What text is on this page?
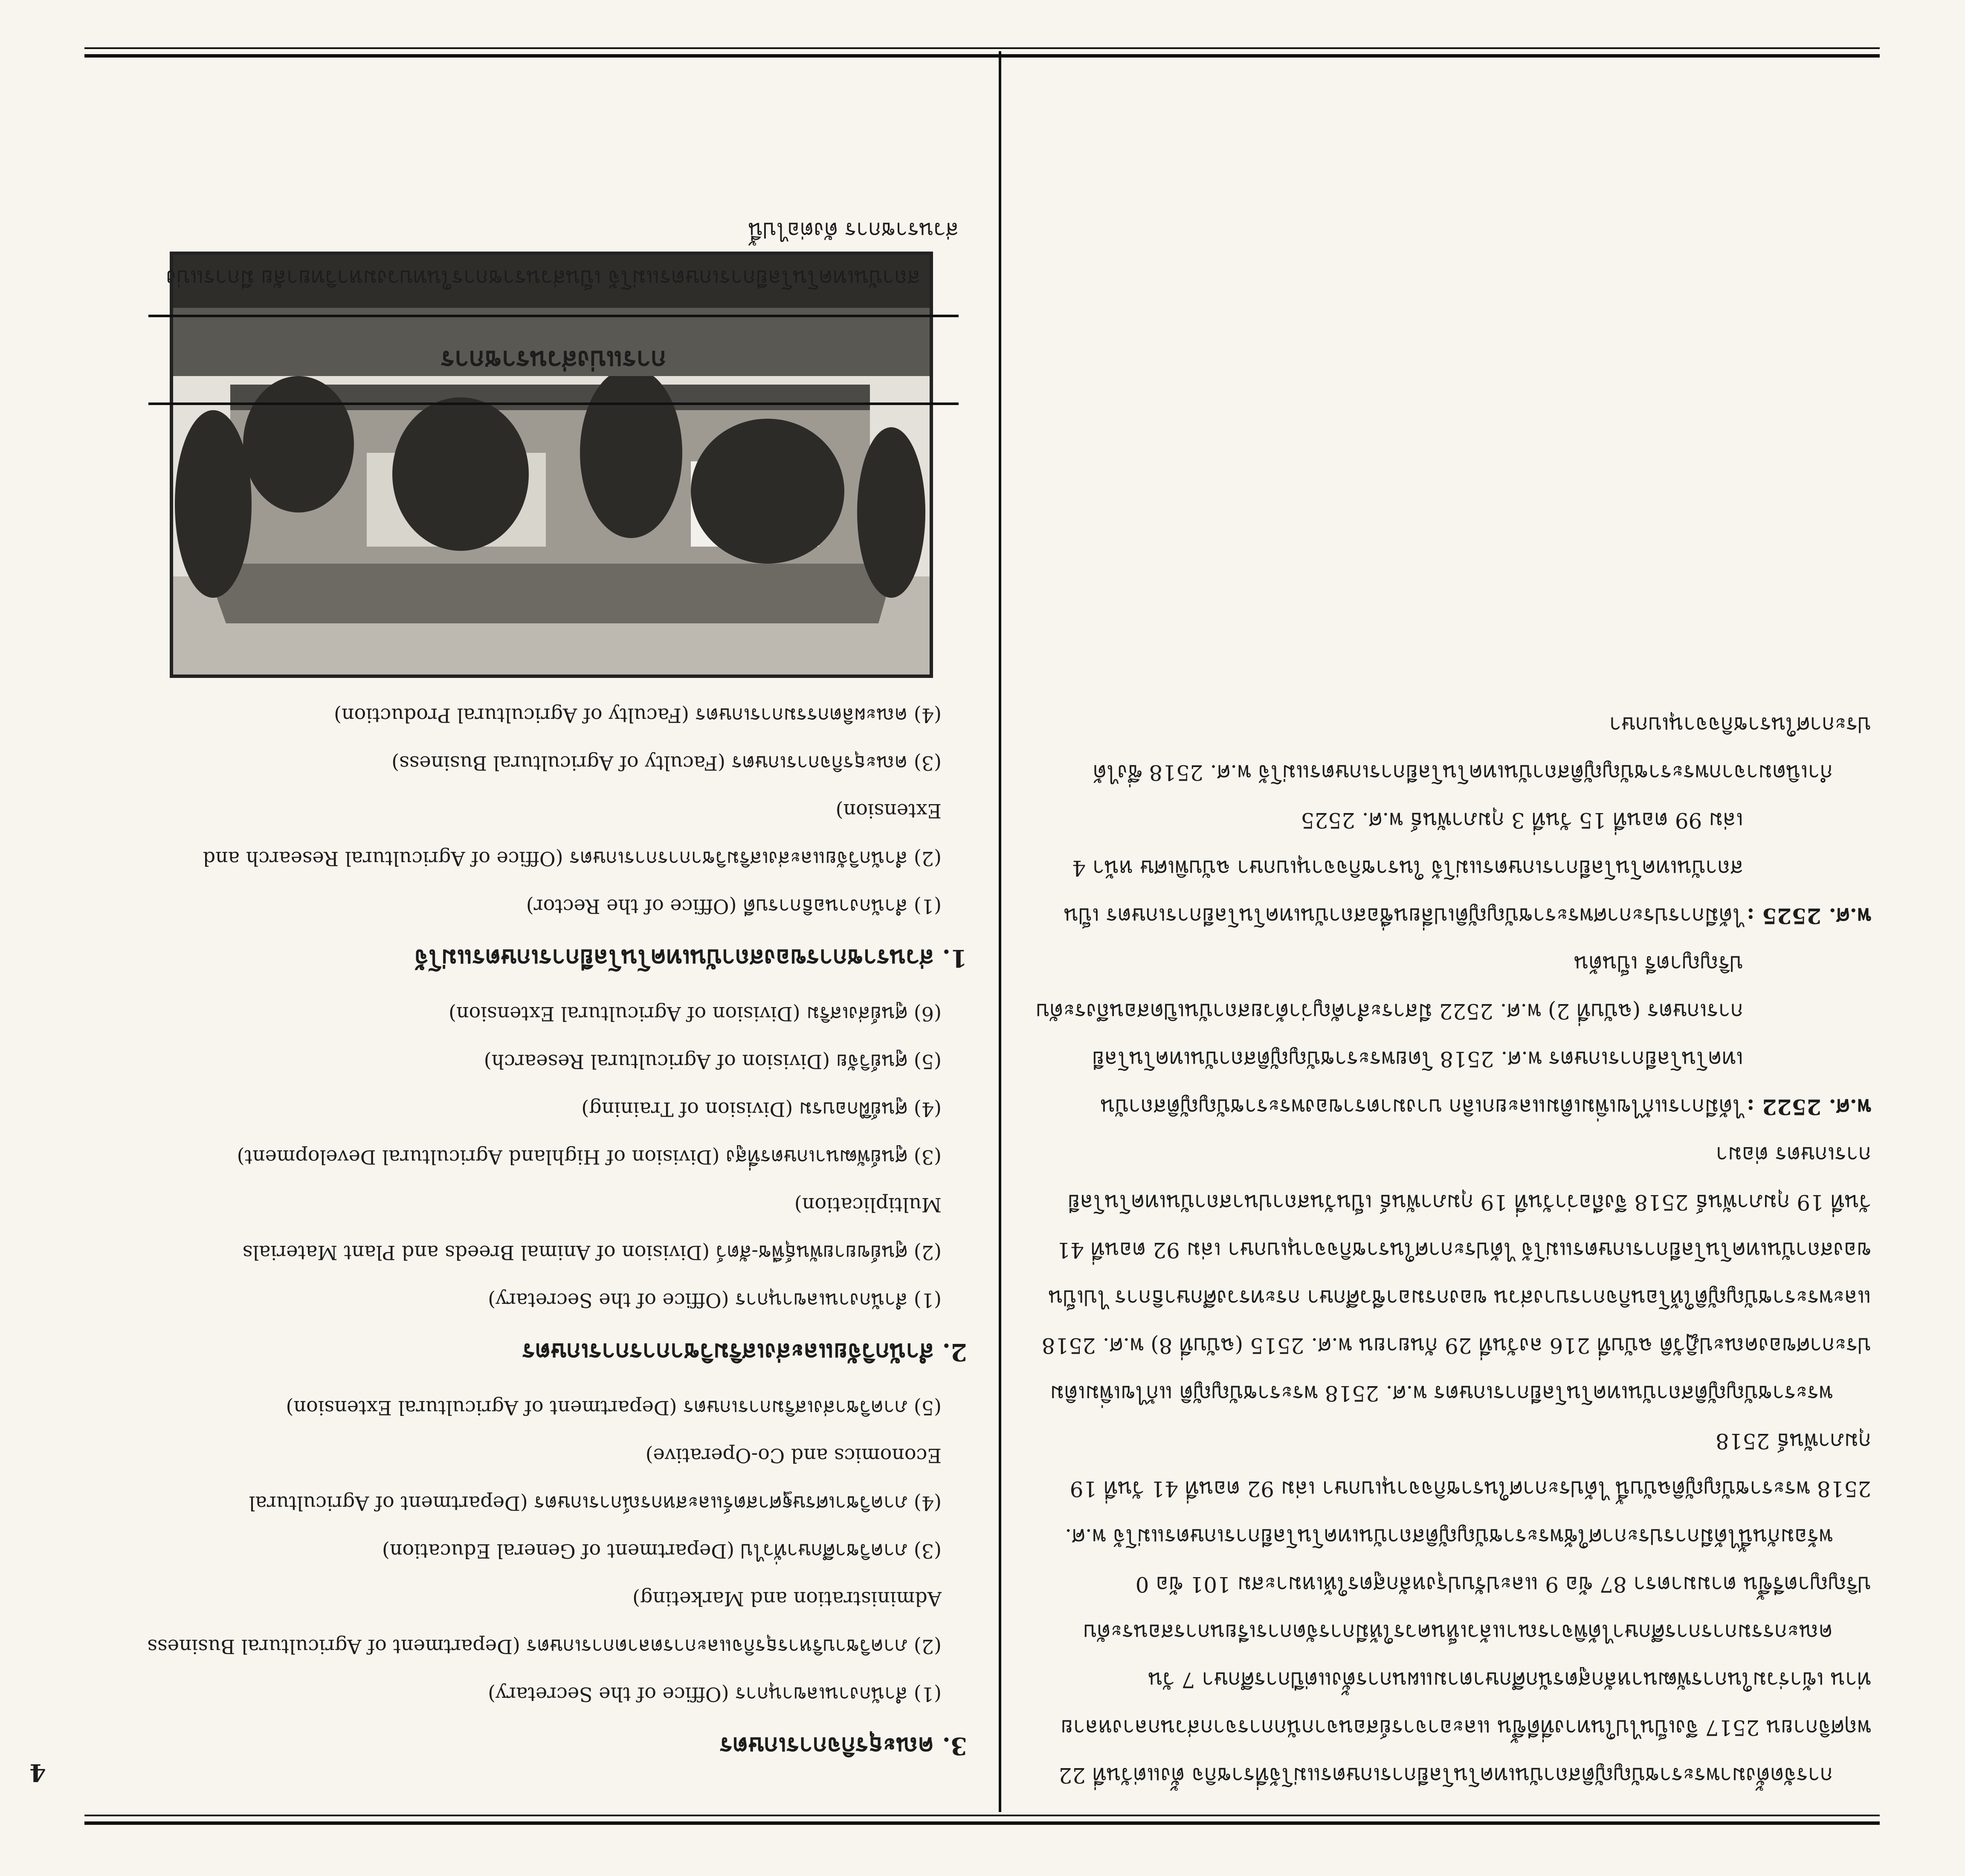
4	การจัดตั้งมาพระราชบัญญัติสถาบันเทคโนโลยีการเกษตรแม่โจ้ที่ราชกิจ ตั้งแต่วันที่ 22 พฤศจิกายน 2517 จึงเป็นไปในทางที่ดีขึ้น และอาจารย์สอนจากนักการจากส่วนกลางหลายท่าน เข้าร่วมในการพัฒนาหลักสูตรนักศึกษาตามแผนการตั้งแต่ปีการศึกษา 7 วัน

คณะกรรมการการศึกษาได้พิจารณาแล้วเห็นควรให้มีการจัดการเรียนการสอนระดับปริญญาตรีขึ้น ตามมาตรา 87 ข้อ 9 และปรับปรุงหลักสูตรให้เหมาะสม 101 ข้อ 0

พร้อมกันนี้ได้มีการประกาศใช้พระราชบัญญัติสถาบันเทคโนโลยีการเกษตรแม่โจ้ พ.ศ. 2518 พระราชบัญญัติฉบับนี้ ได้ประกาศในราชกิจจานุเบกษา เล่ม 92 ตอนที่ 41 วันที่ 19 กุมภาพันธ์ 2518

พระราชบัญญัติสถาบันเทคโนโลยีการเกษตร พ.ศ. 2518 พระราชบัญญัติ แก้ไขเพิ่มเติมประกาศของคณะปฏิวัติ ฉบับที่ 216 ลงวันที่ 29 กันยายน พ.ศ. 2515 (ฉบับที่ 8) พ.ศ. 2518 และพระราชบัญญัติให้โอนกิจการบางส่วน ของกรมอาชีวศึกษา กระทรวงศึกษาธิการ ไปเป็นของสถาบันเทคโนโลยีการเกษตรแม่โจ้ ได้ประกาศในราชกิจจานุเบกษา เล่ม 92 ตอนที่ 41 วันที่ 19 กุมภาพันธ์ 2518 จึงถือว่าวันที่ 19 กุมภาพันธ์ เป็นวันสถาปนาสถาบันเทคโนโลยีการเกษตร ต่อมา

พ.ศ. 2522 :
ได้มีการแก้ไขเพิ่มเติมและยกเลิก บางมาตราของพระราชบัญญัติสถาบันเทคโนโลยีการเกษตร พ.ศ. 2518 โดยพระราชบัญญัติสถาบันเทคโนโลยีการเกษตร (ฉบับที่ 2) พ.ศ. 2522 มีสาระสำคัญว่าด้วยสถาบันเปิดสอนถึงระดับปริญญาตรี เป็นต้น
พ.ศ. 2525 :
ได้มีการประกาศพระราชบัญญัติเปลี่ยนชื่อสถาบันเทคโนโลยีการเกษตร เป็น สถาบันเทคโนโลยีการเกษตรแม่โจ้ ในราชกิจจานุเบกษา ฉบับพิเศษ หน้า 4 เล่ม 99 ตอนที่ 15 วันที่ 3 กุมภาพันธ์ พ.ศ. 2525

กำเนิดมาจากพระราชบัญญัติสถาบันเทคโนโลยีการเกษตรแม่โจ้ พ.ศ. 2518 ซึ่งได้ประกาศในราชกิจจานุเบกษา

3. คณะธุรกิจการเกษตร
(1) สำนักงานเลขานุการ (Office of the Secretary)
(2) ภาควิชาบริหารธุรกิจและการตลาดการเกษตร (Department of Agricultural Business Administration and Marketing)
(3) ภาควิชาศึกษาทั่วไป (Department of General Education)
(4) ภาควิชาเศรษฐศาสตร์และสหกรณ์การเกษตร (Department of Agricultural Economics and Co-Operative)
(5) ภาควิชาส่งเสริมการเกษตร (Department of Agricultural Extension)
2. สำนักวิจัยและส่งเสริมวิชาการการเกษตร
(1) สำนักงานเลขานุการ (Office of the Secretary)
(2) ศูนย์ขยายพันธุ์พืช-สัตว์ (Division of Animal Breeds and Plant Materials Multiplication)
(3) ศูนย์พัฒนาเกษตรที่สูง (Division of Highland Agricultural Development)
(4) ศูนย์ฝึกอบรม (Division of Training)
(5) ศูนย์วิจัย (Division of Agricultural Research)
(6) ศูนย์ส่งเสริม (Division of Agricultural Extension)
1. ส่วนราชการของสถาบันเทคโนโลยีการเกษตรแม่โจ้
(1) สำนักงานอธิการบดี (Office of the Rector)
(2) สำนักวิจัยและส่งเสริมวิชาการการเกษตร (Office of Agricultural Research and Extension)
(3) คณะธุรกิจการเกษตร (Faculty of Agricultural Business)
(4) คณะผลิตกรรมการเกษตร (Faculty of Agricultural Production)
การแบ่งส่วนราชการ

สถาบันเทคโนโลยีการเกษตรแม่โจ้ เป็นส่วนราชการในทบวงมหาวิทยาลัย มีการแบ่งส่วนราชการ ดังต่อไปนี้
